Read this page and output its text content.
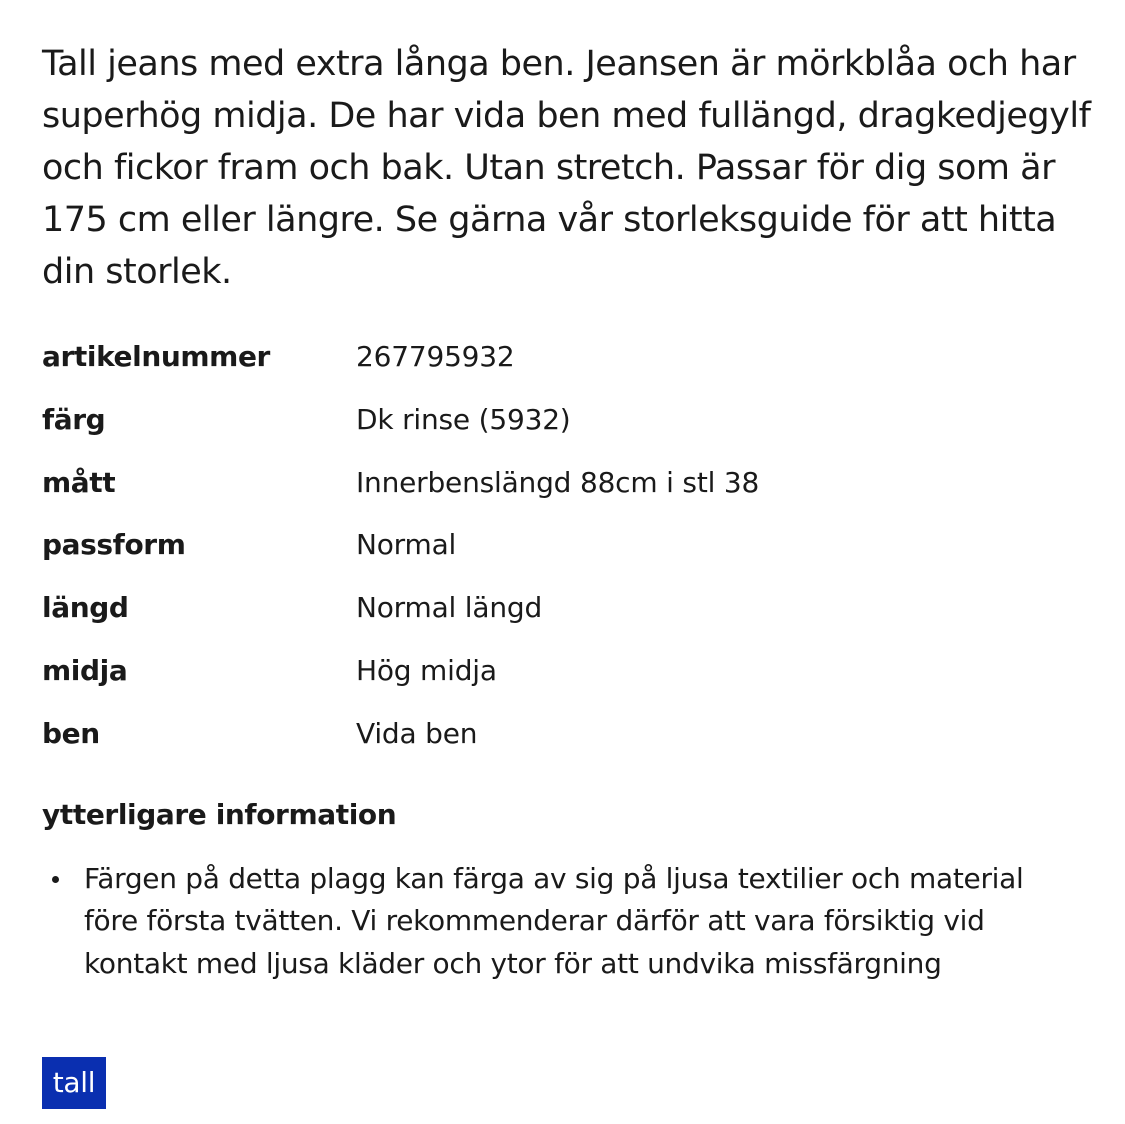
Tall jeans med extra långa ben. Jeansen är mörkblåa och har superhög midja. De har vida ben med fullängd, dragkedjegylf och fickor fram och bak. Utan stretch. Passar för dig som är 175 cm eller längre. Se gärna vår storleksguide för att hitta din storlek.

artikelnummer	267795932
färg	Dk rinse (5932)
mått	Innerbenslängd 88cm i stl 38
passform	Normal
längd	Normal längd
midja	Hög midja
ben	Vida ben
ytterligare information
Färgen på detta plagg kan färga av sig på ljusa textilier och material före första tvätten. Vi rekommenderar därför att vara försiktig vid kontakt med ljusa kläder och ytor för att undvika missfärgning
tall
